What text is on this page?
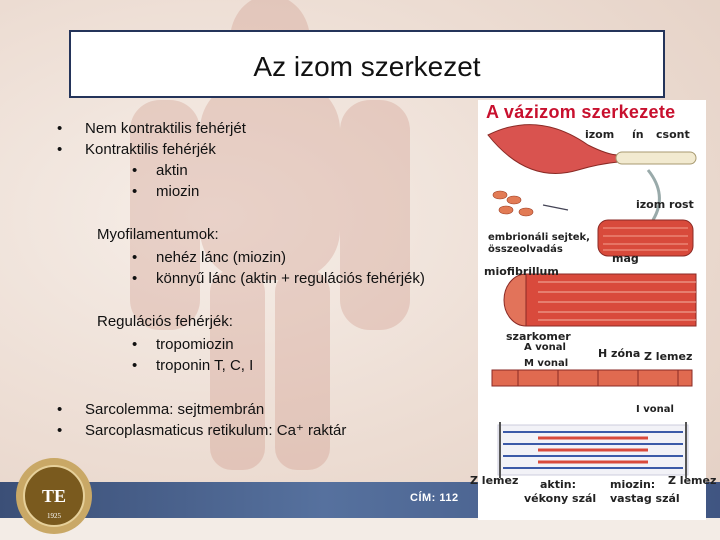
CÍM: 112
Az izom szerkezet
• Nem kontraktilis fehérjét
• Kontraktilis fehérjék
• aktin
• miozin
Myofilamentumok:
• nehéz lánc (miozin)
• könnyű lánc (aktin + regulációs fehérjék)
Regulációs fehérjék:
• tropomiozin
• troponin T, C, I
• Sarcolemma: sejtmembrán
• Sarcoplasmaticus retikulum: Ca⁺ raktár
A vázizom szerkezete
izom ín csont
izom rost
embrionáli sejtek,
összeolvadás
mag
miofibrillum
szarkomer
A vonal
M vonal
H zóna Z lemez
I vonal
Z lemez aktin:
vékony szál
miozin:
vastag szál
Z lemez
TE
1925
